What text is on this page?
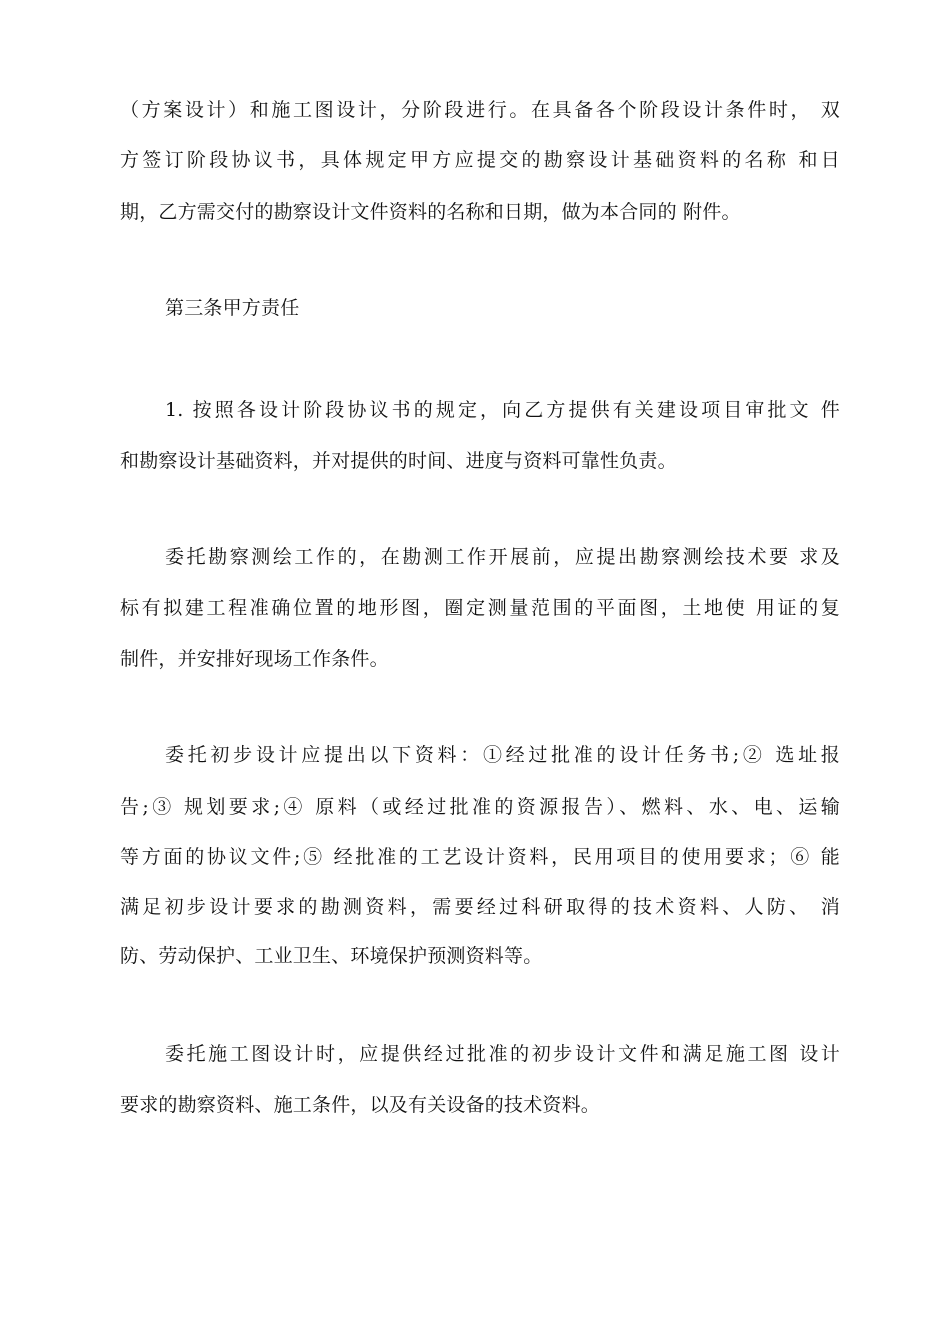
（方案设计）和施工图设计，分阶段进行。在具备各个阶段设计条件时， 双
方签订阶段协议书，具体规定甲方应提交的勘察设计基础资料的名称 和日
期，乙方需交付的勘察设计文件资料的名称和日期，做为本合同的 附件。
第三条甲方责任
1. 按照各设计阶段协议书的规定，向乙方提供有关建设项目审批文 件
和勘察设计基础资料，并对提供的时间、进度与资料可靠性负责。
委托勘察测绘工作的，在勘测工作开展前，应提出勘察测绘技术要 求及
标有拟建工程准确位置的地形图，圈定测量范围的平面图，土地使 用证的复
制件，并安排好现场工作条件。
委托初步设计应提出以下资料：①经过批准的设计任务书;② 选址报
告;③ 规划要求;④ 原料（或经过批准的资源报告）、燃料、水、电、运输
等方面的协议文件;⑤ 经批准的工艺设计资料，民用项目的使用要求；⑥ 能
满足初步设计要求的勘测资料，需要经过科研取得的技术资料、人防、 消
防、劳动保护、工业卫生、环境保护预测资料等。
委托施工图设计时，应提供经过批准的初步设计文件和满足施工图 设计
要求的勘察资料、施工条件，以及有关设备的技术资料。
